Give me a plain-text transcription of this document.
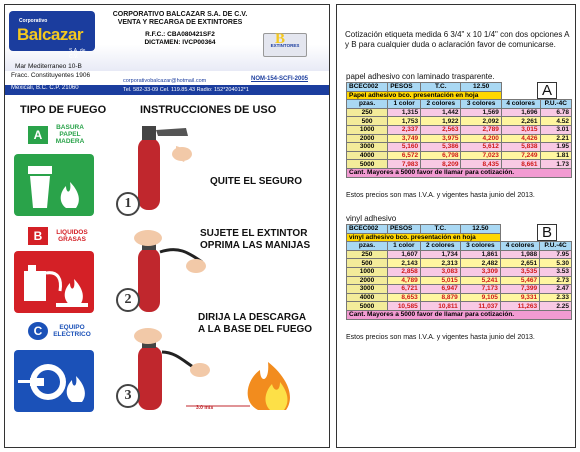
Corporativo
Balcazar
S.A. de C.V.
CORPORATIVO BALCAZAR S.A. DE C.V.
VENTA Y RECARGA DE EXTINTORES
R.F.C.: CBA080421SF2
DICTAMEN: IVCP00364	B
EXTINTORES
Mar Mediterraneo 10-B
Fracc. Constituyentes 1906
corporativobalcazar@hotmail.com	NOM-154-SCFI-2005
Mexicali, B.C. C.P. 21060	Tel. 582-33-09 Cel. 119.85.43 Radio: 152*204012*1
TIPO DE FUEGO	INSTRUCCIONES DE USO
A
BASURA
PAPEL
MADERA
B	LIQUIDOS
GRASAS
C	EQUIPO
ELECTRICO
1
QUITE EL SEGURO
2
SUJETE EL EXTINTOR
OPRIMA LAS MANIJAS
3
DIRIJA LA DESCARGA
A LA BASE DEL FUEGO
3.0 mts
Cotización etiqueta medida 6 3/4" x 10 1/4" con dos opciones A y B para cualquier duda o aclaración favor de comunicarse.
papel adhesivo con laminado trasparente.
A
BCEC002	PESOS	T.C.	12.50		
Papel adhesivo bco. presentación en hoja					
pzas.	1 color	2 colores	3 colores	4 colores	P.U.-4C
250	1,315	1,442	1,569	1,696	6.78
500	1,753	1,922	2,092	2,261	4.52
1000	2,337	2,563	2,789	3,015	3.01
2000	3,749	3,975	4,200	4,426	2.21
3000	5,160	5,386	5,612	5,838	1.95
4000	6,572	6,798	7,023	7,249	1.81
5000	7,983	8,209	8,435	8,661	1.73
Cant. Mayores a 5000 favor de llamar para cotización.					
Estos precios son mas I.V.A. y vigentes hasta junio del 2013.
vinyl adhesivo
B
BCEC002	PESOS	T.C.	12.50		
vinyl adhesivo bco. presentación en hoja					
pzas.	1 color	2 colores	3 colores	4 colores	P.U.-4C
250	1,607	1,734	1,861	1,988	7.95
500	2,143	2,313	2,482	2,651	5.30
1000	2,858	3,083	3,309	3,535	3.53
2000	4,789	5,015	5,241	5,467	2.73
3000	6,721	6,947	7,173	7,399	2.47
4000	8,653	8,879	9,105	9,331	2.33
5000	10,585	10,811	11,037	11,263	2.25
Cant. Mayores a 5000 favor de llamar para cotización.					
Estos precios son mas I.V.A. y vigentes hasta junio del 2013.
